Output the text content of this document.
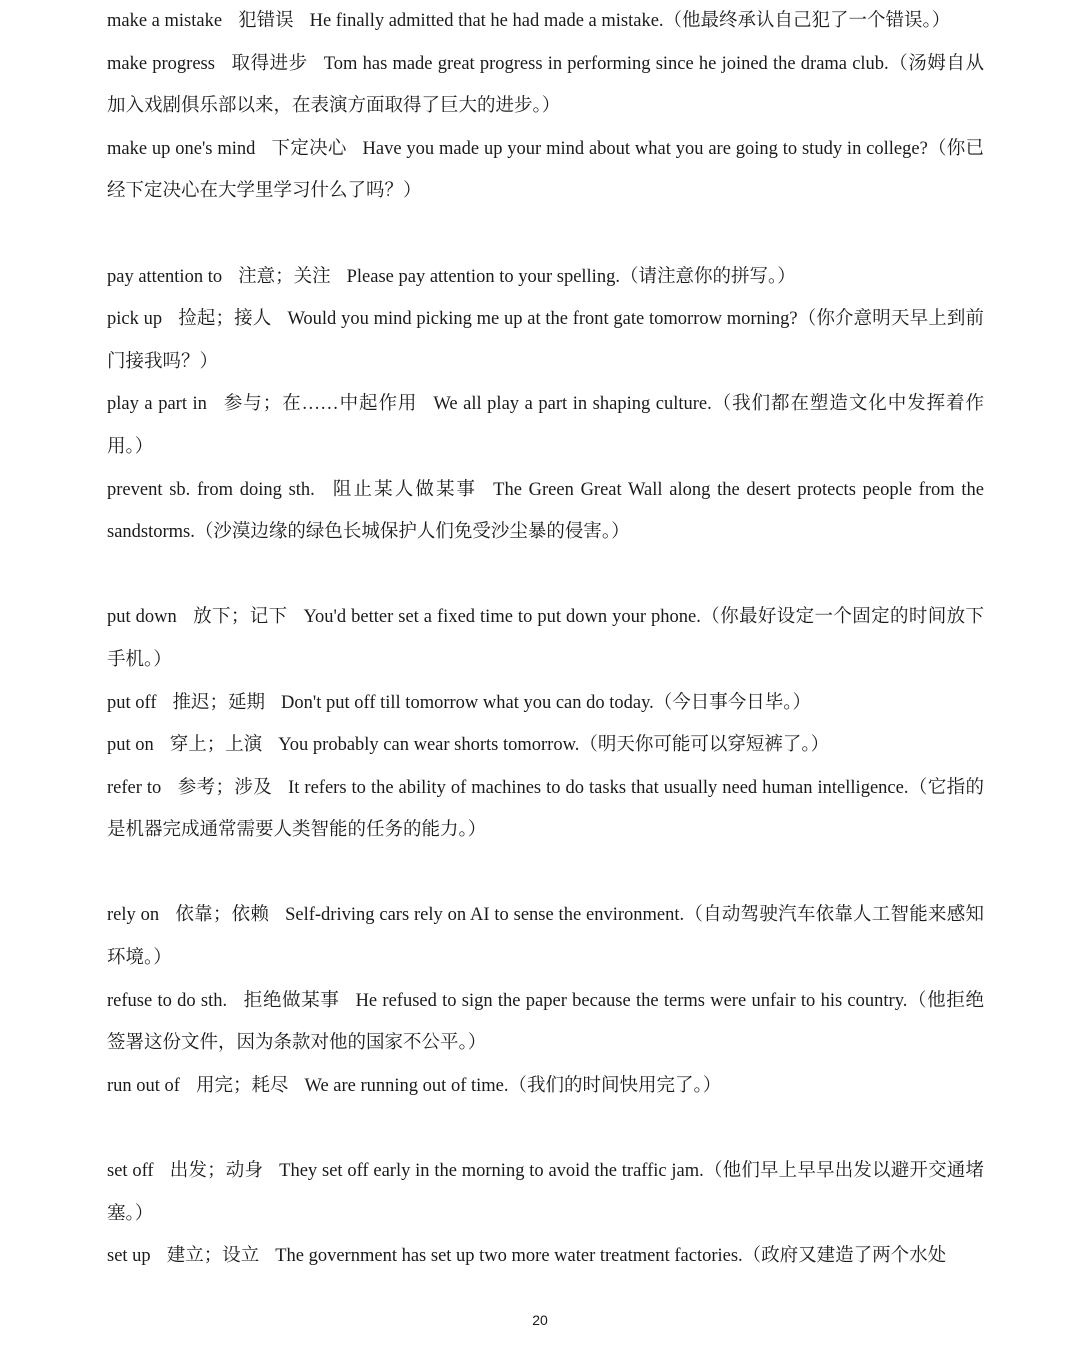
make a mistake 犯错误 He finally admitted that he had made a mistake.（他最终承认自己犯了一个错误。）

make progress 取得进步 Tom has made great progress in performing since he joined the drama club.（汤姆自从加入戏剧俱乐部以来，在表演方面取得了巨大的进步。）

make up one's mind 下定决心 Have you made up your mind about what you are going to study in college?（你已经下定决心在大学里学习什么了吗？）

pay attention to 注意；关注 Please pay attention to your spelling.（请注意你的拼写。）

pick up 捡起；接人 Would you mind picking me up at the front gate tomorrow morning?（你介意明天早上到前门接我吗？）

play a part in 参与；在……中起作用 We all play a part in shaping culture.（我们都在塑造文化中发挥着作用。）

prevent sb. from doing sth. 阻止某人做某事 The Green Great Wall along the desert protects people from the sandstorms.（沙漠边缘的绿色长城保护人们免受沙尘暴的侵害。）

put down 放下；记下 You'd better set a fixed time to put down your phone.（你最好设定一个固定的时间放下手机。）

put off 推迟；延期 Don't put off till tomorrow what you can do today.（今日事今日毕。）

put on 穿上；上演 You probably can wear shorts tomorrow.（明天你可能可以穿短裤了。）

refer to 参考；涉及 It refers to the ability of machines to do tasks that usually need human intelligence.（它指的是机器完成通常需要人类智能的任务的能力。）

rely on 依靠；依赖 Self-driving cars rely on AI to sense the environment.（自动驾驶汽车依靠人工智能来感知环境。）

refuse to do sth. 拒绝做某事 He refused to sign the paper because the terms were unfair to his country.（他拒绝签署这份文件，因为条款对他的国家不公平。）

run out of 用完；耗尽 We are running out of time.（我们的时间快用完了。）

set off 出发；动身 They set off early in the morning to avoid the traffic jam.（他们早上早早出发以避开交通堵塞。）

set up 建立；设立 The government has set up two more water treatment factories.（政府又建造了两个水处

20
